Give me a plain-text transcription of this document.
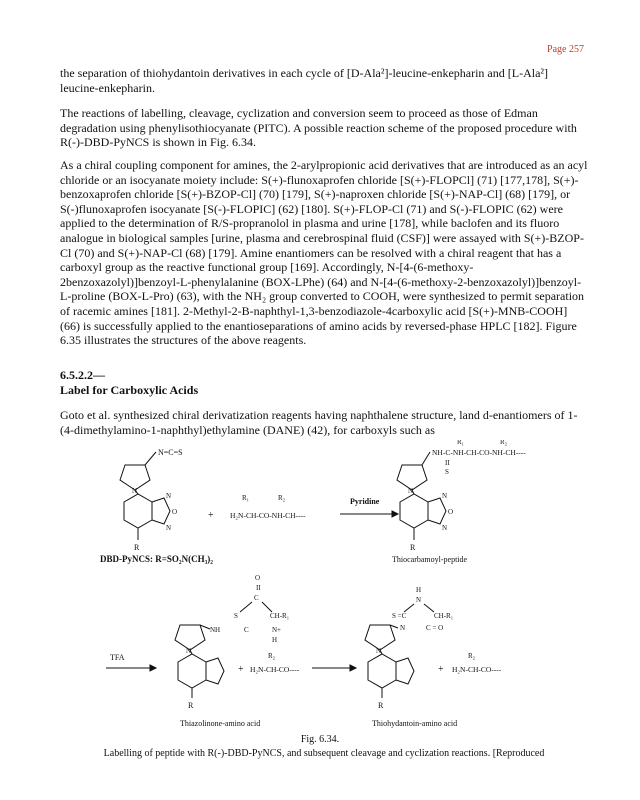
Page 257
the separation of thiohydantoin derivatives in each cycle of [D-Ala²]-leucine-enkepharin and [L-Ala²] leucine-enkepharin.
The reactions of labelling, cleavage, cyclization and conversion seem to proceed as those of Edman degradation using phenylisothiocyanate (PITC). A possible reaction scheme of the proposed procedure with R(-)-DBD-PyNCS is shown in Fig. 6.34.
As a chiral coupling component for amines, the 2-arylpropionic acid derivatives that are introduced as an acyl chloride or an isocyanate moiety include: S(+)-flunoxaprofen chloride [S(+)-FLOPCl] (71) [177,178], S(+)-benzoxaprofen chloride [S(+)-BZOP-Cl] (70) [179], S(+)-naproxen chloride [S(+)-NAP-Cl] (68) [179], or S(-)flunoxaprofen isocyanate [S(-)-FLOPIC] (62) [180]. S(+)-FLOP-Cl (71) and S(-)-FLOPIC (62) were applied to the determination of R/S-propranolol in plasma and urine [178], while baclofen and its fluoro analogue in biological samples [urine, plasma and cerebrospinal fluid (CSF)] were assayed with S(+)-BZOP-Cl (70) and S(+)-NAP-Cl (68) [179]. Amine enantiomers can be resolved with a chiral reagent that has a carboxyl group as the reactive functional group [169]. Accordingly, N-[4-(6-methoxy-2benzoxazolyl)]benzoyl-L-phenylalanine (BOX-LPhe) (64) and N-[4-(6-methoxy-2-benzoxazolyl)]benzoyl-L-proline (BOX-L-Pro) (63), with the NH₂ group converted to COOH, were synthesized to permit separation of racemic amines [181]. 2-Methyl-2-B-naphthyl-1,3-benzodiazole-4carboxylic acid [S(+)-MNB-COOH] (66) is successfully applied to the enantioseparations of amino acids by reversed-phase HPLC [182]. Figure 6.35 illustrates the structures of the above reagents.
6.5.2.2—
Label for Carboxylic Acids
Goto et al. synthesized chiral derivatization reagents having naphthalene structure, land d-enantiomers of 1-(4-dimethylamino-1-naphthyl)ethylamine (DANE) (42), for carboxyls such as
N=C=S
N
N
O
N
R
DBD-PyNCS: R=SO₂N(CH₃)₂
+
R₁	R₂
H₂N-CH-CO-NH-CH----
Pyridine
R₁	R₂
NH-C-NH-CH-CO-NH-CH----
II
S
N
N
O
N
R
Thiocarbamoyl-peptide
O
II
C
S	CH-R₁
NH	C	N+
H
N
R
Thiazolinone-amino acid
TFA
+
R₂
H₂N-CH-CO----
H
N
S =C	CH-R₁
N	C = O
N
R
Thiohydantoin-amino acid
+
R₂
H₂N-CH-CO----
Fig. 6.34.
Labelling of peptide with R(-)-DBD-PyNCS, and subsequent cleavage and cyclization reactions. [Reproduced
